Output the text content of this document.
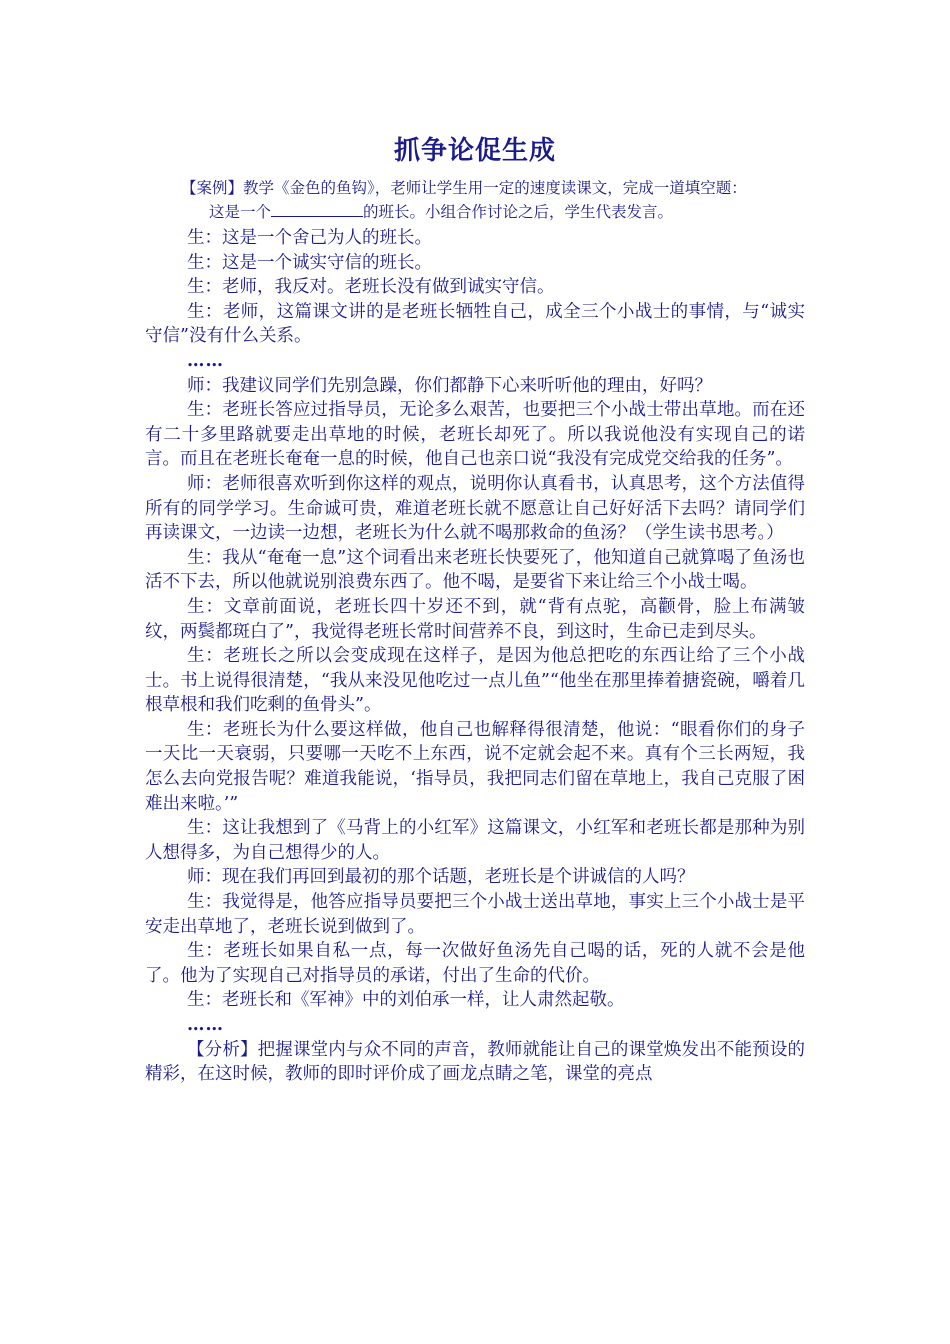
抓争论促生成

【案例】教学《金色的鱼钩》，老师让学生用一定的速度读课文，完成一道填空题：

这是一个	的班长。小组合作讨论之后，学生代表发言。

生：这是一个舍己为人的班长。

生：这是一个诚实守信的班长。

生：老师，我反对。老班长没有做到诚实守信。

生：老师，这篇课文讲的是老班长牺牲自己，成全三个小战士的事情，与“诚实守信”没有什么关系。

……

师：我建议同学们先别急躁，你们都静下心来听听他的理由，好吗？

生：老班长答应过指导员，无论多么艰苦，也要把三个小战士带出草地。而在还有二十多里路就要走出草地的时候，老班长却死了。所以我说他没有实现自己的诺言。而且在老班长奄奄一息的时候，他自己也亲口说“我没有完成党交给我的任务”。

师：老师很喜欢听到你这样的观点，说明你认真看书，认真思考，这个方法值得所有的同学学习。生命诚可贵，难道老班长就不愿意让自己好好活下去吗？请同学们再读课文，一边读一边想，老班长为什么就不喝那救命的鱼汤？（学生读书思考。）

生：我从“奄奄一息”这个词看出来老班长快要死了，他知道自己就算喝了鱼汤也活不下去，所以他就说别浪费东西了。他不喝，是要省下来让给三个小战士喝。

生：文章前面说，老班长四十岁还不到，就“背有点驼，高颧骨，脸上布满皱纹，两鬓都斑白了”，我觉得老班长常时间营养不良，到这时，生命已走到尽头。

生：老班长之所以会变成现在这样子，是因为他总把吃的东西让给了三个小战士。书上说得很清楚，“我从来没见他吃过一点儿鱼”“他坐在那里捧着搪瓷碗，嚼着几根草根和我们吃剩的鱼骨头”。

生：老班长为什么要这样做，他自己也解释得很清楚，他说：“眼看你们的身子一天比一天衰弱，只要哪一天吃不上东西，说不定就会起不来。真有个三长两短，我怎么去向党报告呢？难道我能说，‘指导员，我把同志们留在草地上，我自己克服了困难出来啦。’”

生：这让我想到了《马背上的小红军》这篇课文，小红军和老班长都是那种为别人想得多，为自己想得少的人。

师：现在我们再回到最初的那个话题，老班长是个讲诚信的人吗？

生：我觉得是，他答应指导员要把三个小战士送出草地，事实上三个小战士是平安走出草地了，老班长说到做到了。

生：老班长如果自私一点，每一次做好鱼汤先自己喝的话，死的人就不会是他了。他为了实现自己对指导员的承诺，付出了生命的代价。

生：老班长和《军神》中的刘伯承一样，让人肃然起敬。

……

【分析】把握课堂内与众不同的声音，教师就能让自己的课堂焕发出不能预设的精彩，在这时候，教师的即时评价成了画龙点睛之笔，课堂的亮点
